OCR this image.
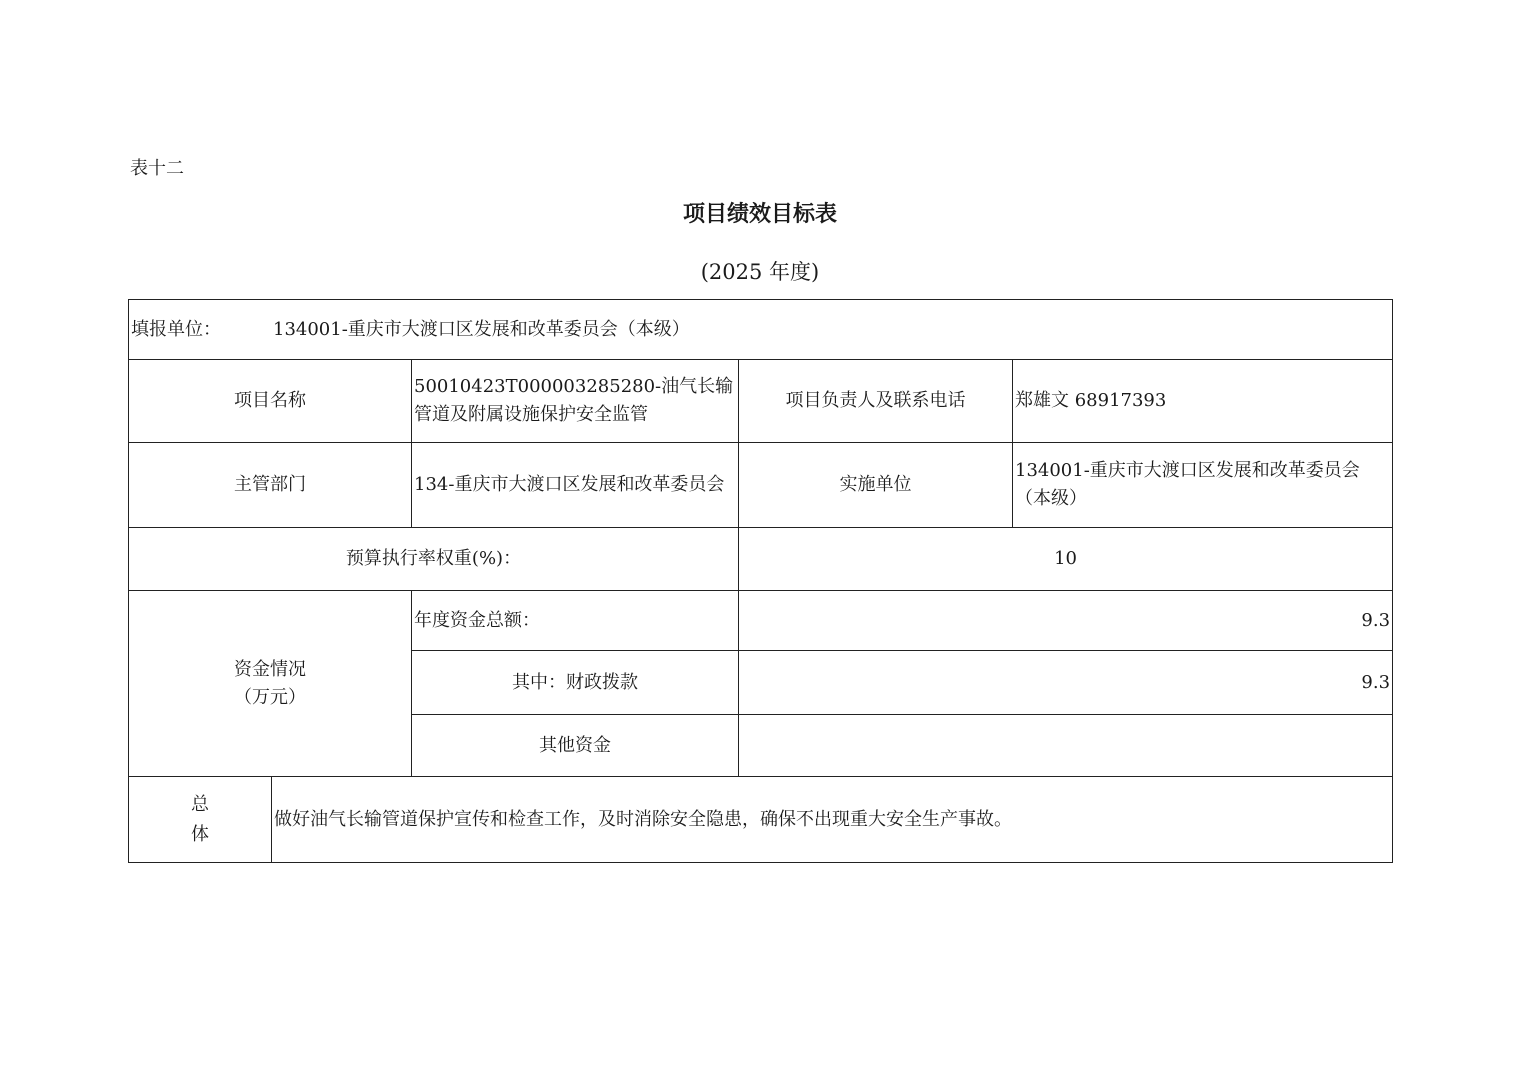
表十二
项目绩效目标表
(2025 年度)
填报单位： 134001-重庆市大渡口区发展和改革委员会（本级）				
项目名称		50010423T000003285280-油气长输管道及附属设施保护安全监管	项目负责人及联系电话	郑雄文 68917393
主管部门		134-重庆市大渡口区发展和改革委员会	实施单位	134001-重庆市大渡口区发展和改革委员会（本级）
预算执行率权重(%)：			10	

资金情况
（万元）		年度资金总额：	9.3	
		其中：财政拨款	9.3	
		其他资金		
总
体	做好油气长输管道保护宣传和检查工作，及时消除安全隐患，确保不出现重大安全生产事故。			
